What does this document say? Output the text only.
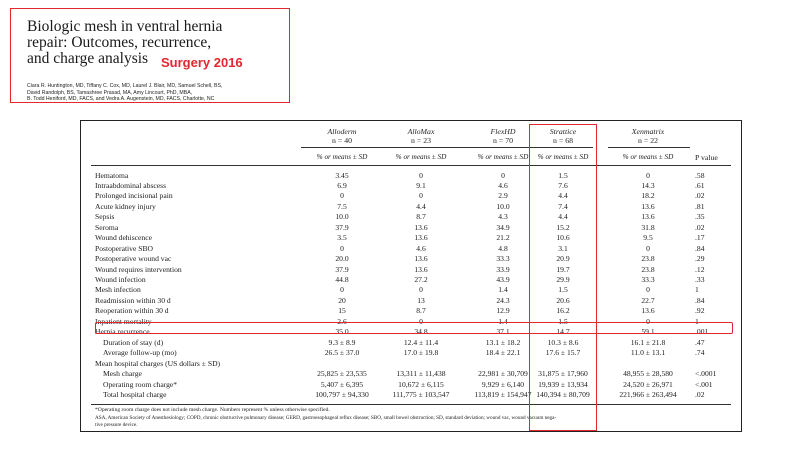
Biologic mesh in ventral hernia
repair: Outcomes, recurrence,
and charge analysis Surgery 2016
Ciara R. Huntington, MD, Tiffany C. Cox, MD, Laurel J. Blair, MD, Samuel Schell, BS,
David Randolph, BS, Tamashree Prasad, MA, Amy Lincourt, PhD, MBA,
B. Todd Heniford, MD, FACS, and Vedra A. Augenstein, MD, FACS, Charlotte, NC
Alloderm
n = 40
AlloMax
n = 23
FlexHD
n = 70
Strattice
n = 68
Xenmatrix
n = 22
% or means ± SD	% or means ± SD	% or means ± SD	% or means ± SD	% or means ± SD	P value
*Operating room charge does not include mesh charge. Numbers represent % unless otherwise specified.
ASA, American Society of Anesthesiology; COPD, chronic obstructive pulmonary disease; GERD, gastroesophageal reflux disease; SBO, small bowel obstruction; SD, standard deviation; wound vac, wound vacuum nega-
tive pressure device.
Hematoma	3.45	0	0	1.5	0	.58
Intraabdominal abscess	6.9	9.1	4.6	7.6	14.3	.61
Prolonged incisional pain	0	0	2.9	4.4	18.2	.02
Acute kidney injury	7.5	4.4	10.0	7.4	13.6	.81
Sepsis	10.0	8.7	4.3	4.4	13.6	.35
Seroma	37.9	13.6	34.9	15.2	31.8	.02
Wound dehiscence	3.5	13.6	21.2	10.6	9.5	.17
Postoperative SBO	0	4.6	4.8	3.1	0	.84
Postoperative wound vac	20.0	13.6	33.3	20.9	23.8	.29
Wound requires intervention	37.9	13.6	33.9	19.7	23.8	.12
Wound infection	44.8	27.2	43.9	29.9	33.3	.33
Mesh infection	0	0	1.4	1.5	0	1
Readmission within 30 d	20	13	24.3	20.6	22.7	.84
Reoperation within 30 d	15	8.7	12.9	16.2	13.6	.92
Inpatient mortality	2.6	0	1.4	1.5	0	1
Hernia recurrence	35.0	34.8	37.1	14.7	59.1	.001
Duration of stay (d)	9.3 ± 8.9	12.4 ± 11.4	13.1 ± 18.2	10.3 ± 8.6	16.1 ± 21.8	.47
Average follow-up (mo)	26.5 ± 37.0	17.0 ± 19.8	18.4 ± 22.1	17.6 ± 15.7	11.0 ± 13.1	.74
Mean hospital charges (US dollars ± SD)
Mesh charge	25,825 ± 23,535	13,311 ± 11,438	22,981 ± 30,709	31,875 ± 17,960	48,955 ± 28,580	<.0001
Operating room charge*	5,407 ± 6,395	10,672 ± 6,115	9,929 ± 6,140	19,939 ± 13,934	24,520 ± 26,971	<.001
Total hospital charge	100,797 ± 94,330	111,775 ± 103,547	113,819 ± 154,947 140,394 ± 80,709	221,966 ± 263,494	.02
